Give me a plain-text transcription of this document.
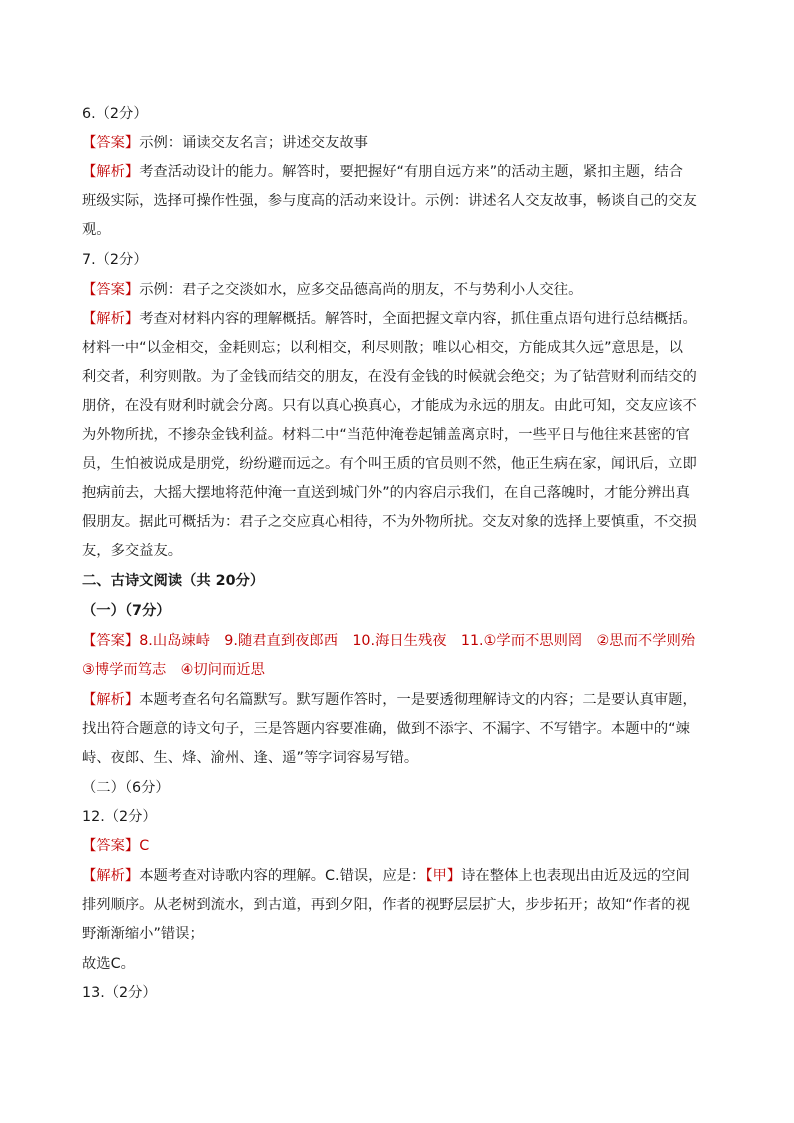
6.（2分）
【答案】示例：诵读交友名言；讲述交友故事
【解析】考查活动设计的能力。解答时，要把握好“有朋自远方来”的活动主题，紧扣主题，结合
班级实际，选择可操作性强，参与度高的活动来设计。示例：讲述名人交友故事，畅谈自己的交友
观。
7.（2分）
【答案】示例：君子之交淡如水，应多交品德高尚的朋友，不与势利小人交往。
【解析】考查对材料内容的理解概括。解答时，全面把握文章内容，抓住重点语句进行总结概括。
材料一中“以金相交，金耗则忘；以利相交，利尽则散；唯以心相交，方能成其久远”意思是，以
利交者，利穷则散。为了金钱而结交的朋友，在没有金钱的时候就会绝交；为了钻营财利而结交的
朋侪，在没有财利时就会分离。只有以真心换真心，才能成为永远的朋友。由此可知，交友应该不
为外物所扰，不掺杂金钱利益。材料二中“当范仲淹卷起铺盖离京时，一些平日与他往来甚密的官
员，生怕被说成是朋党，纷纷避而远之。有个叫王质的官员则不然，他正生病在家，闻讯后，立即
抱病前去，大摇大摆地将范仲淹一直送到城门外”的内容启示我们，在自己落魄时，才能分辨出真
假朋友。据此可概括为：君子之交应真心相待，不为外物所扰。交友对象的选择上要慎重，不交损
友，多交益友。
二、古诗文阅读（共 20分）
（一）（7分）
【答案】8.山岛竦峙　9.随君直到夜郎西　10.海日生残夜　11.①学而不思则罔　②思而不学则殆
③博学而笃志　④切问而近思
【解析】本题考查名句名篇默写。默写题作答时，一是要透彻理解诗文的内容；二是要认真审题，
找出符合题意的诗文句子，三是答题内容要准确，做到不添字、不漏字、不写错字。本题中的“竦
峙、夜郎、生、烽、渝州、逢、遥”等字词容易写错。
（二）（6分）
12.（2分）
【答案】C
【解析】本题考查对诗歌内容的理解。C.错误，应是：【甲】诗在整体上也表现出由近及远的空间
排列顺序。从老树到流水，到古道，再到夕阳，作者的视野层层扩大，步步拓开；故知“作者的视
野渐渐缩小”错误；
故选C。
13.（2分）
